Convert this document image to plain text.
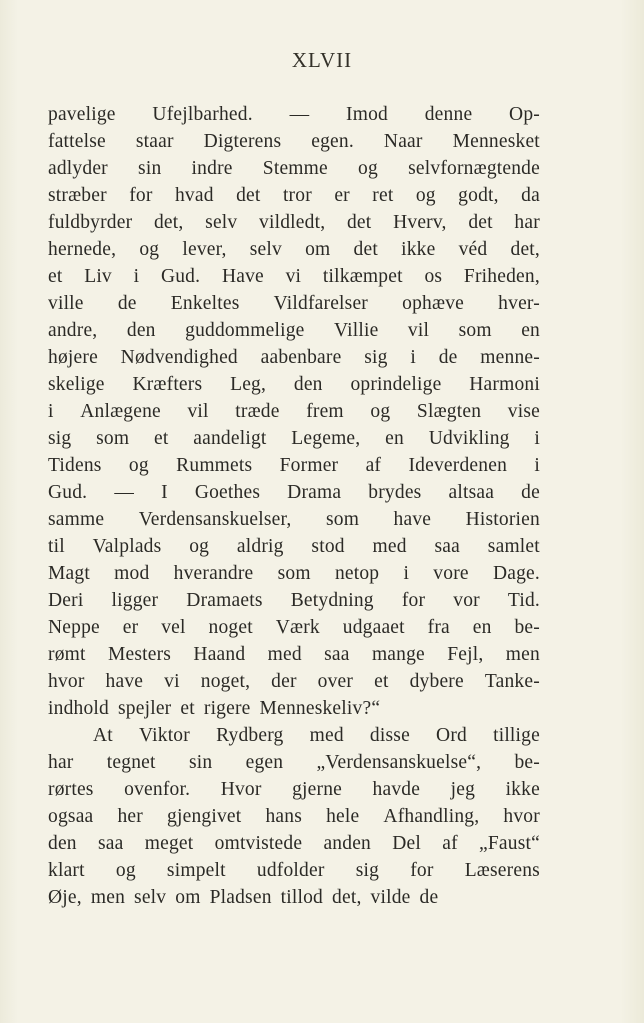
XLVII
pavelige Ufejlbarhed. — Imod denne Op-
fattelse staar Digterens egen. Naar Mennesket
adlyder sin indre Stemme og selvfornægtende
stræber for hvad det tror er ret og godt, da
fuldbyrder det, selv vildledt, det Hverv, det har
hernede, og lever, selv om det ikke véd det,
et Liv i Gud. Have vi tilkæmpet os Friheden,
ville de Enkeltes Vildfarelser ophæve hver-
andre, den guddommelige Villie vil som en
højere Nødvendighed aabenbare sig i de menne-
skelige Kræfters Leg, den oprindelige Harmoni
i Anlægene vil træde frem og Slægten vise
sig som et aandeligt Legeme, en Udvikling i
Tidens og Rummets Former af Ideverdenen i
Gud. — I Goethes Drama brydes altsaa de
samme Verdensanskuelser, som have Historien
til Valplads og aldrig stod med saa samlet
Magt mod hverandre som netop i vore Dage.
Deri ligger Dramaets Betydning for vor Tid.
Neppe er vel noget Værk udgaaet fra en be-
rømt Mesters Haand med saa mange Fejl, men
hvor have vi noget, der over et dybere Tanke-
indhold spejler et rigere Menneskeliv?“
At Viktor Rydberg med disse Ord tillige
har tegnet sin egen „Verdensanskuelse“, be-
rørtes ovenfor. Hvor gjerne havde jeg ikke
ogsaa her gjengivet hans hele Afhandling, hvor
den saa meget omtvistede anden Del af „Faust“
klart og simpelt udfolder sig for Læserens
Øje, men selv om Pladsen tillod det, vilde de
